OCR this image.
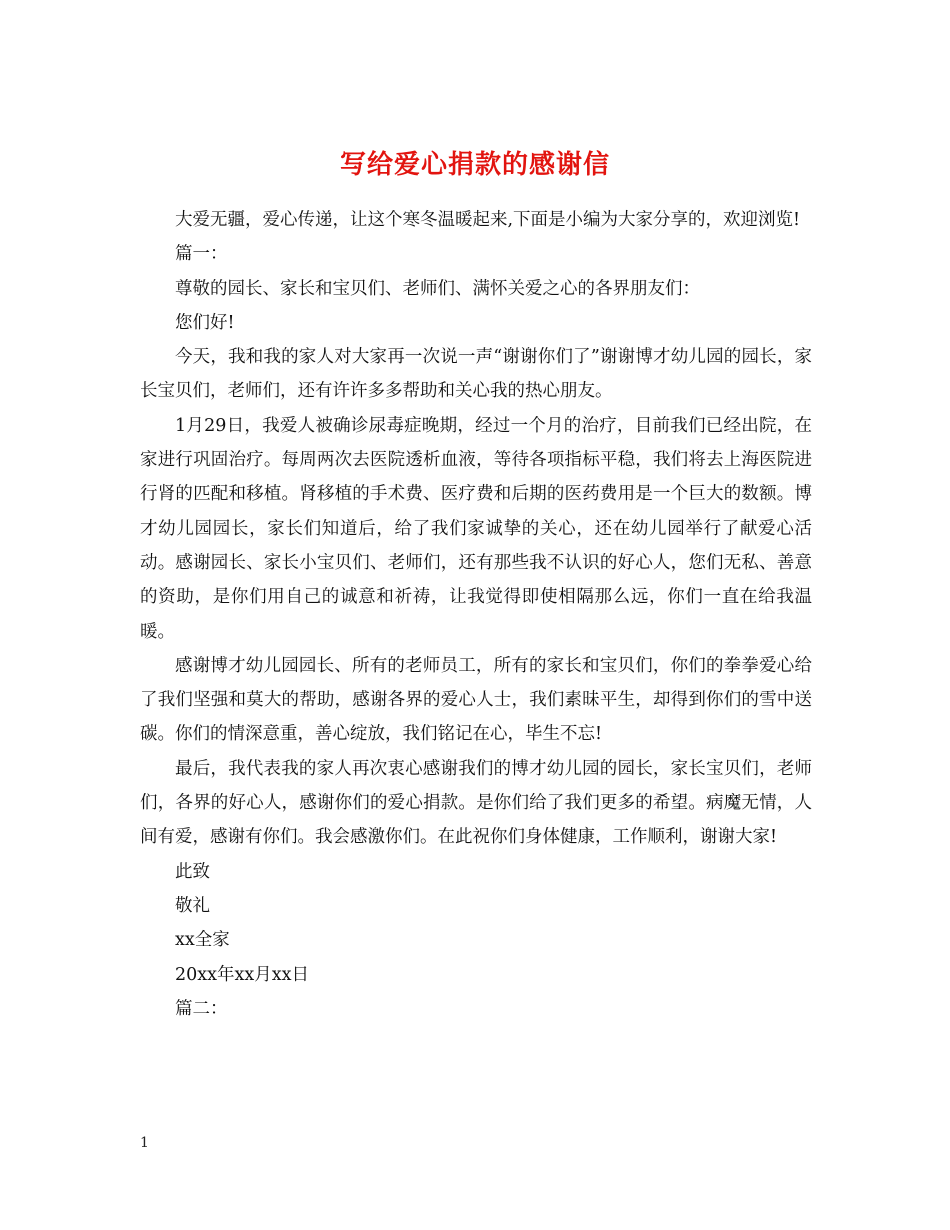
写给爱心捐款的感谢信

大爱无疆，爱心传递，让这个寒冬温暖起来,下面是小编为大家分享的，欢迎浏览!

篇一：

尊敬的园长、家长和宝贝们、老师们、满怀关爱之心的各界朋友们：

您们好!

今天，我和我的家人对大家再一次说一声“谢谢你们了”谢谢博才幼儿园的园长，家长宝贝们，老师们，还有许许多多帮助和关心我的热心朋友。

1月29日，我爱人被确诊尿毒症晚期，经过一个月的治疗，目前我们已经出院，在家进行巩固治疗。每周两次去医院透析血液，等待各项指标平稳，我们将去上海医院进行肾的匹配和移植。肾移植的手术费、医疗费和后期的医药费用是一个巨大的数额。博才幼儿园园长，家长们知道后，给了我们家诚挚的关心，还在幼儿园举行了献爱心活动。感谢园长、家长小宝贝们、老师们，还有那些我不认识的好心人，您们无私、善意的资助，是你们用自己的诚意和祈祷，让我觉得即使相隔那么远，你们一直在给我温暖。

感谢博才幼儿园园长、所有的老师员工，所有的家长和宝贝们，你们的拳拳爱心给了我们坚强和莫大的帮助，感谢各界的爱心人士，我们素昧平生，却得到你们的雪中送碳。你们的情深意重，善心绽放，我们铭记在心，毕生不忘!

最后，我代表我的家人再次衷心感谢我们的博才幼儿园的园长，家长宝贝们，老师们，各界的好心人，感谢你们的爱心捐款。是你们给了我们更多的希望。病魔无情，人间有爱，感谢有你们。我会感激你们。在此祝你们身体健康，工作顺利，谢谢大家!

此致

敬礼

xx全家

20xx年xx月xx日

篇二：

1
